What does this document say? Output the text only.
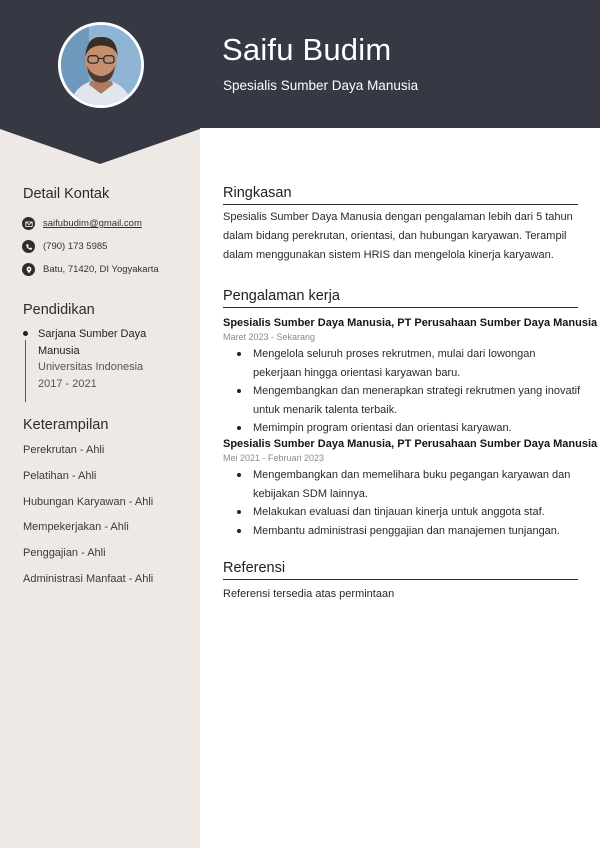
Saifu Budim
Spesialis Sumber Daya Manusia
Detail Kontak
saifubudim@gmail.com
(790) 173 5985
Batu, 71420, DI Yogyakarta
Pendidikan
Sarjana Sumber Daya
Manusia
Universitas Indonesia
2017 - 2021
Keterampilan
Perekrutan - Ahli
Pelatihan - Ahli
Hubungan Karyawan - Ahli
Mempekerjakan - Ahli
Penggajian - Ahli
Administrasi Manfaat - Ahli
Ringkasan
Spesialis Sumber Daya Manusia dengan pengalaman lebih dari 5 tahun dalam bidang perekrutan, orientasi, dan hubungan karyawan. Terampil dalam menggunakan sistem HRIS dan mengelola kinerja karyawan.
Pengalaman kerja
Spesialis Sumber Daya Manusia, PT Perusahaan Sumber Daya Manusia
Maret 2023 - Sekarang
Mengelola seluruh proses rekrutmen, mulai dari lowongan pekerjaan hingga orientasi karyawan baru.
Mengembangkan dan menerapkan strategi rekrutmen yang inovatif untuk menarik talenta terbaik.
Memimpin program orientasi dan orientasi karyawan.
Spesialis Sumber Daya Manusia, PT Perusahaan Sumber Daya Manusia
Mei 2021 - Februari 2023
Mengembangkan dan memelihara buku pegangan karyawan dan kebijakan SDM lainnya.
Melakukan evaluasi dan tinjauan kinerja untuk anggota staf.
Membantu administrasi penggajian dan manajemen tunjangan.
Referensi
Referensi tersedia atas permintaan
